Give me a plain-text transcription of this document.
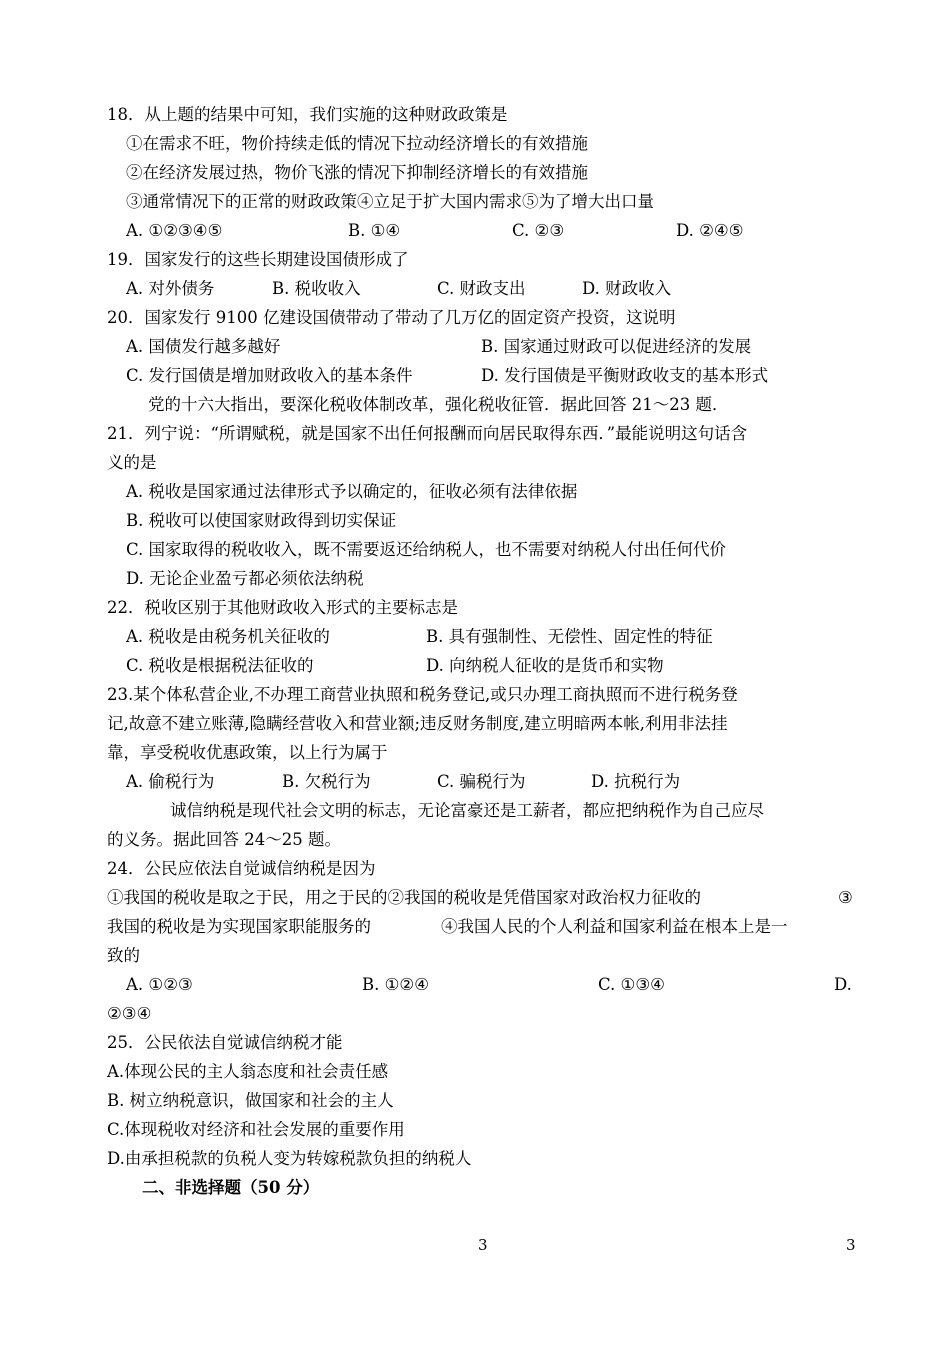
18．从上题的结果中可知，我们实施的这种财政政策是
①在需求不旺，物价持续走低的情况下拉动经济增长的有效措施
②在经济发展过热，物价飞涨的情况下抑制经济增长的有效措施
③通常情况下的正常的财政政策④立足于扩大国内需求⑤为了增大出口量
A. ①②③④⑤	B. ①④	C. ②③	D. ②④⑤
19．国家发行的这些长期建设国债形成了
A. 对外债务	B. 税收收入	C. 财政支出	D. 财政收入
20．国家发行 9100 亿建设国债带动了带动了几万亿的固定资产投资，这说明
A. 国债发行越多越好	B. 国家通过财政可以促进经济的发展
C. 发行国债是增加财政收入的基本条件	D. 发行国债是平衡财政收支的基本形式
党的十六大指出，要深化税收体制改革，强化税收征管．据此回答 21～23 题．
21．列宁说：“所谓赋税，就是国家不出任何报酬而向居民取得东西．”最能说明这句话含
义的是
A. 税收是国家通过法律形式予以确定的，征收必须有法律依据
B. 税收可以使国家财政得到切实保证
C. 国家取得的税收收入，既不需要返还给纳税人，也不需要对纳税人付出任何代价
D. 无论企业盈亏都必须依法纳税
22．税收区别于其他财政收入形式的主要标志是
A. 税收是由税务机关征收的	B. 具有强制性、无偿性、固定性的特征
C. 税收是根据税法征收的	D. 向纳税人征收的是货币和实物
23.某个体私营企业,不办理工商营业执照和税务登记,或只办理工商执照而不进行税务登
记,故意不建立账薄,隐瞒经营收入和营业额;违反财务制度,建立明暗两本帐,利用非法挂
靠，享受税收优惠政策，以上行为属于
A. 偷税行为	B. 欠税行为	C. 骗税行为	D. 抗税行为
诚信纳税是现代社会文明的标志，无论富豪还是工薪者，都应把纳税作为自己应尽
的义务。据此回答 24～25 题。
24．公民应依法自觉诚信纳税是因为
①我国的税收是取之于民，用之于民的②我国的税收是凭借国家对政治权力征收的	③
我国的税收是为实现国家职能服务的	④我国人民的个人利益和国家利益在根本上是一
致的
A. ①②③	B. ①②④	C. ①③④	D.
②③④
25．公民依法自觉诚信纳税才能
A.体现公民的主人翁态度和社会责任感
B. 树立纳税意识，做国家和社会的主人
C.体现税收对经济和社会发展的重要作用
D.由承担税款的负税人变为转嫁税款负担的纳税人
二、非选择题（50 分）
3	3
